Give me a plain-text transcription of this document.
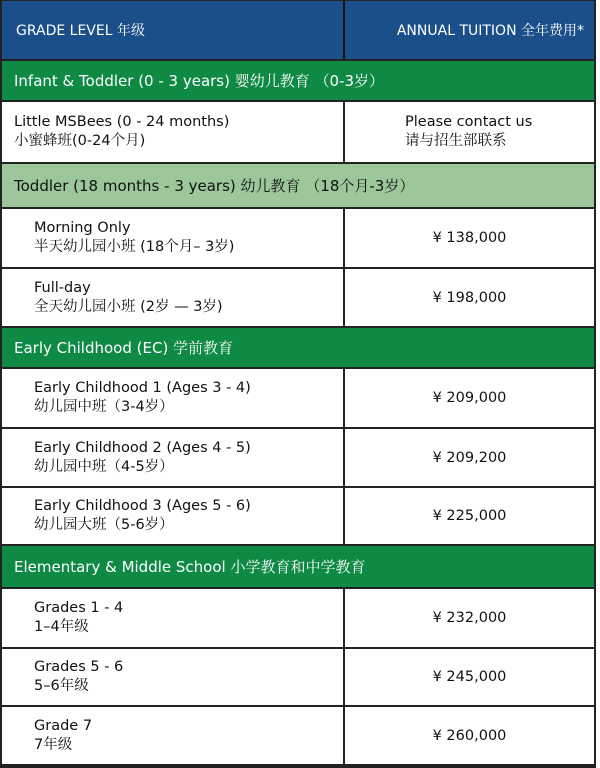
GRADE LEVEL 年级	ANNUAL TUITION 全年费用*
Infant & Toddler (0 - 3 years) 婴幼儿教育 （0-3岁）
Little MSBees (0 - 24 months)
小蜜蜂班(0-24个月)
Please contact us
请与招生部联系
Toddler (18 months - 3 years) 幼儿教育 （18个月-3岁）
Morning Only
半天幼儿园小班 (18个月– 3岁)
¥ 138,000
Full-day
全天幼儿园小班 (2岁 — 3岁)
¥ 198,000
Early Childhood (EC) 学前教育
Early Childhood 1 (Ages 3 - 4)
幼儿园中班（3-4岁）
¥ 209,000
Early Childhood 2 (Ages 4 - 5)
幼儿园中班（4-5岁）
¥ 209,200
Early Childhood 3 (Ages 5 - 6)
幼儿园大班（5-6岁）
¥ 225,000
Elementary & Middle School 小学教育和中学教育
Grades 1 - 4
1–4年级
¥ 232,000
Grades 5 - 6
5–6年级
¥ 245,000
Grade 7
7年级
¥ 260,000
